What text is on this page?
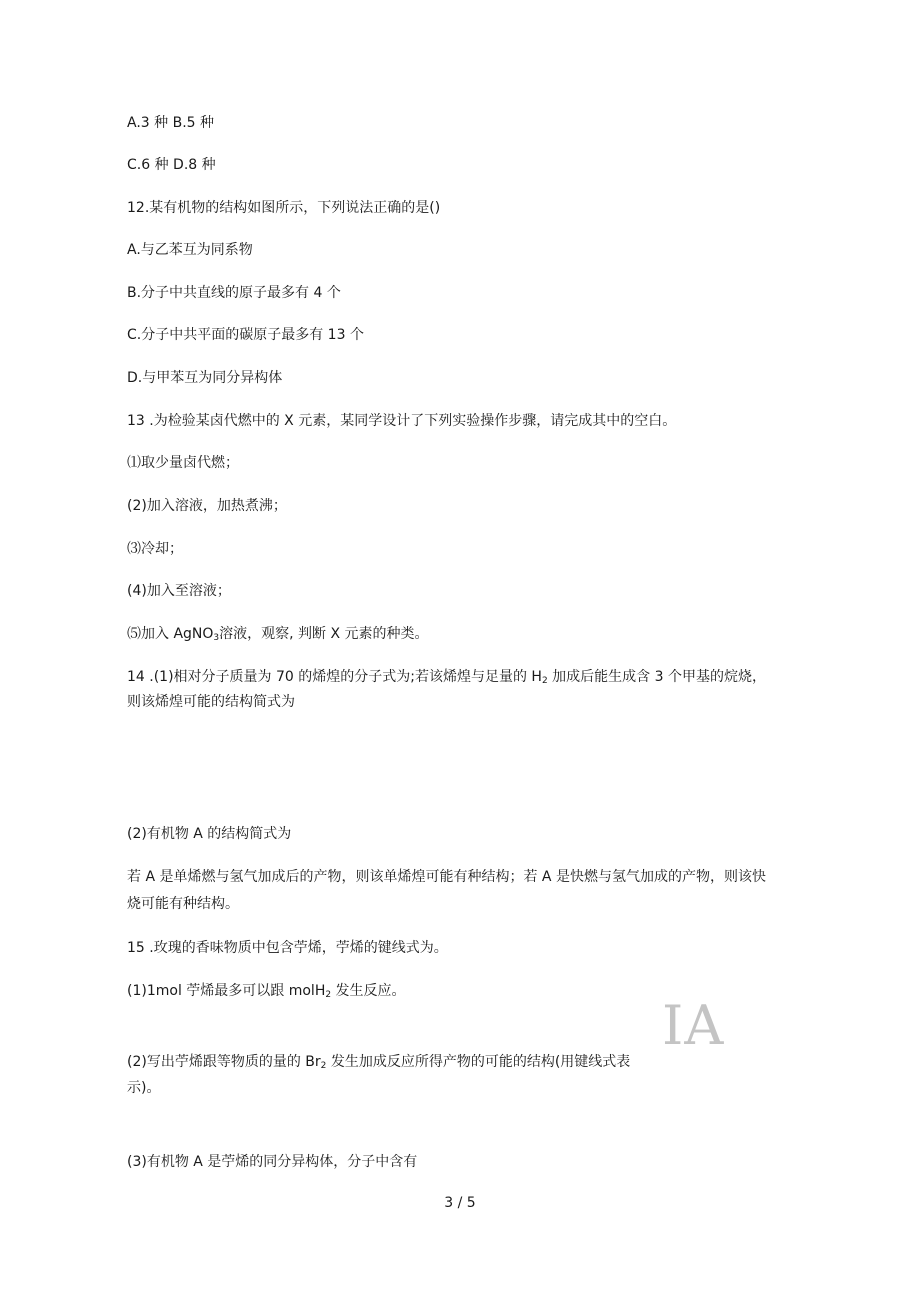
A.3 种 B.5 种
C.6 种 D.8 种
12.某有机物的结构如图所示，下列说法正确的是()
A.与乙苯互为同系物
B.分子中共直线的原子最多有 4 个
C.分子中共平面的碳原子最多有 13 个
D.与甲苯互为同分异构体
13 .为检验某卤代燃中的 X 元素，某同学设计了下列实验操作步骤，请完成其中的空白。
⑴取少量卤代燃；
(2)加入溶液，加热煮沸；
⑶冷却；
(4)加入至溶液；
⑸加入 AgNO$_3$溶液，观察, 判断 X 元素的种类。
14 .(1)相对分子质量为 70 的烯煌的分子式为;若该烯煌与足量的 $H_2$ 加成后能生成含 3 个甲基的烷烧，
则该烯煌可能的结构简式为
(2)有机物 A 的结构简式为
若 A 是单烯燃与氢气加成后的产物，则该单烯煌可能有种结构；若 A 是快燃与氢气加成的产物，则该快
烧可能有种结构。
15 .玫瑰的香味物质中包含苧烯，苧烯的键线式为。
(1)1mol 苧烯最多可以跟 molH$_2$ 发生反应。
IA
(2)写出苧烯跟等物质的量的 $Br_2$ 发生加成反应所得产物的可能的结构(用键线式表
示)。
(3)有机物 A 是苧烯的同分异构体，分子中含有
3 / 5
